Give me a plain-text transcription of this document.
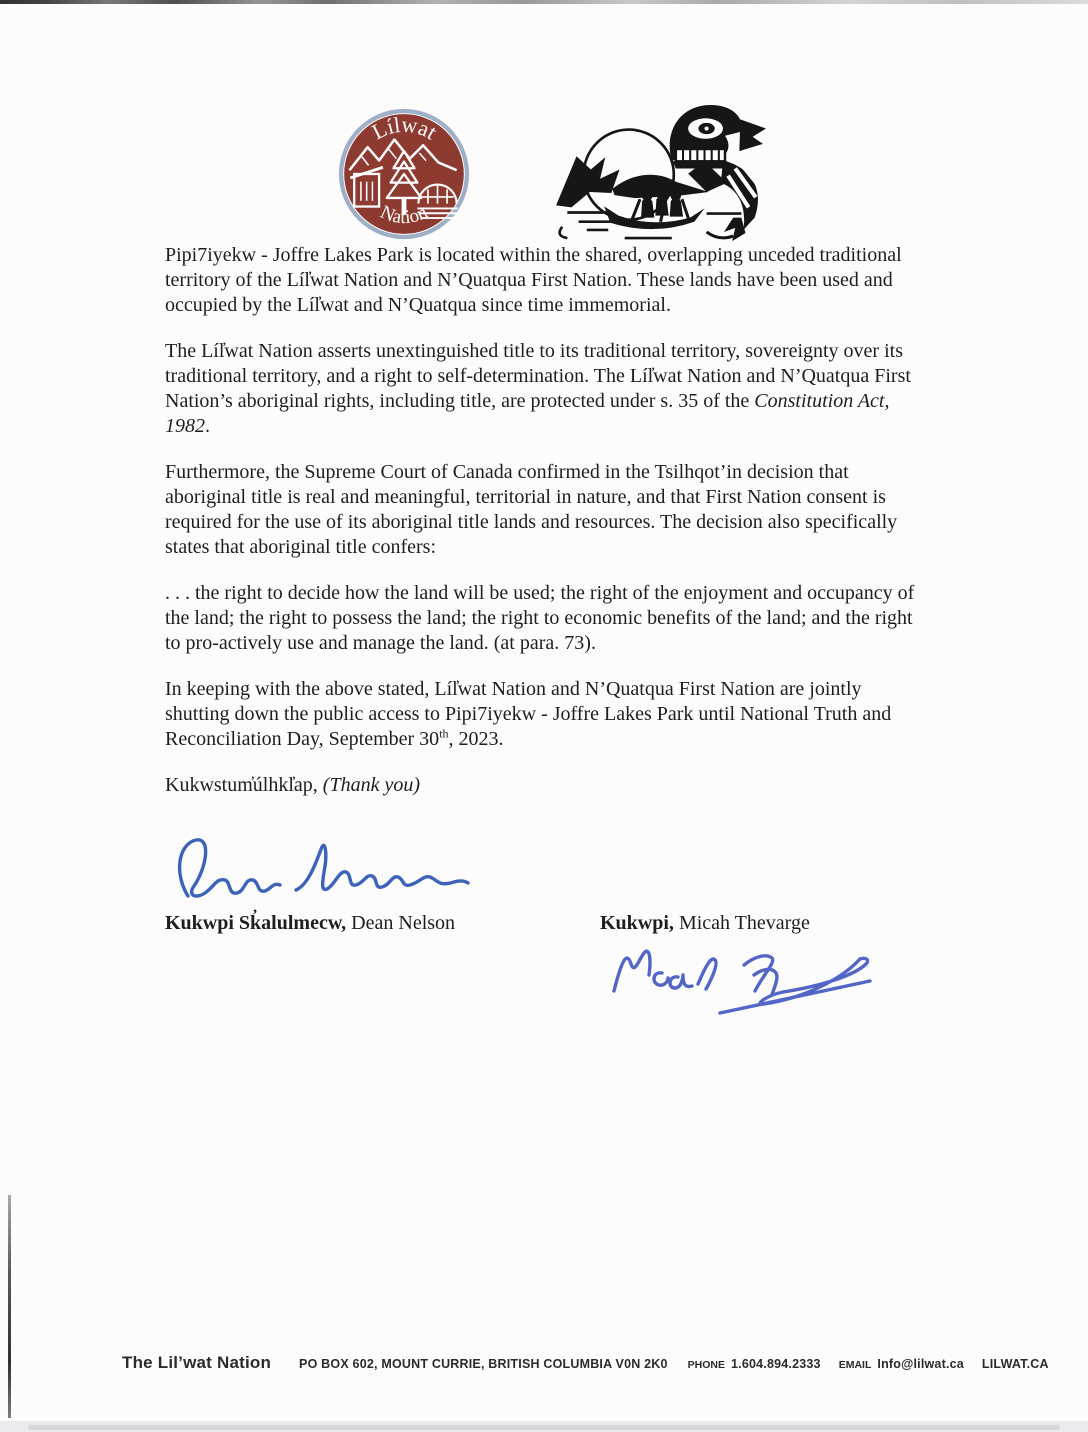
Lílwat
Nation

Pipi7iyekw - Joffre Lakes Park is located within the shared, overlapping unceded traditional territory of the Líl̓wat Nation and N’Quatqua First Nation. These lands have been used and occupied by the Líl̓wat and N’Quatqua since time immemorial.

The Líl̓wat Nation asserts unextinguished title to its traditional territory, sovereignty over its traditional territory, and a right to self-determination. The Líl̓wat Nation and N’Quatqua First Nation’s aboriginal rights, including title, are protected under s. 35 of the Constitution Act, 1982.

Furthermore, the Supreme Court of Canada confirmed in the Tsilhqot’in decision that aboriginal title is real and meaningful, territorial in nature, and that First Nation consent is required for the use of its aboriginal title lands and resources. The decision also specifically states that aboriginal title confers:

. . . the right to decide how the land will be used; the right of the enjoyment and occupancy of the land; the right to possess the land; the right to economic benefits of the land; and the right to pro-actively use and manage the land. (at para. 73).

In keeping with the above stated, Líl̓wat Nation and N’Quatqua First Nation are jointly shutting down the public access to Pipi7iyekw - Joffre Lakes Park until National Truth and Reconciliation Day, September 30th, 2023.

Kukwstum̓úlhkl̓ap, (Thank you)

Kukwpi Sk̓alulmecw, Dean Nelson	Kukwpi, Micah Thevarge
The Lil’wat Nation PO BOX 602, MOUNT CURRIE, BRITISH COLUMBIA V0N 2K0 PHONE 1.604.894.2333 EMAIL Info@lilwat.ca LILWAT.CA
